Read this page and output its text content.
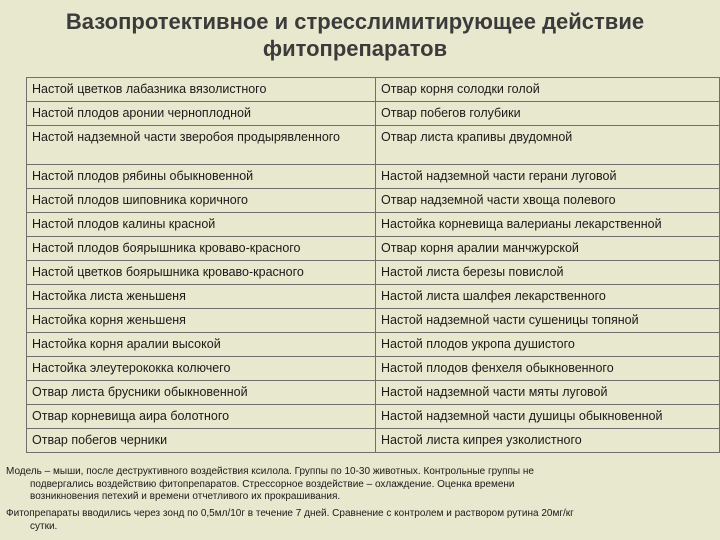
Вазопротективное и стресслимитирующее действие
фитопрепаратов
Настой цветков лабазника вязолистного	Отвар корня солодки голой
Настой плодов аронии черноплодной	Отвар побегов голубики
Настой надземной части зверобоя продырявленного	Отвар листа крапивы двудомной
Настой плодов рябины обыкновенной	Настой надземной части герани луговой
Настой плодов шиповника коричного	Отвар надземной части хвоща полевого
Настой плодов калины красной	Настойка корневища валерианы лекарственной
Настой плодов боярышника кроваво-красного	Отвар корня аралии манчжурской
Настой цветков боярышника кроваво-красного	Настой листа березы повислой
Настойка листа женьшеня	Настой листа шалфея лекарственного
Настойка корня женьшеня	Настой надземной части сушеницы топяной
Настойка корня аралии высокой	Настой плодов укропа душистого
Настойка элеутерококка колючего	Настой плодов фенхеля обыкновенного
Отвар листа брусники обыкновенной	Настой надземной части мяты луговой
Отвар корневища аира болотного	Настой надземной части душицы обыкновенной
Отвар побегов черники	Настой листа кипрея узколистного
Модель – мыши, после деструктивного воздействия ксилола. Группы по 10-30 животных. Контрольные группы не
подвергались воздействию фитопрепаратов. Стрессорное воздействие – охлаждение. Оценка времени
возникновения петехий и времени отчетливого их прокрашивания.
Фитопрепараты вводились через зонд по 0,5мл/10г в течение 7 дней. Сравнение с контролем и раствором рутина 20мг/кг
сутки.
